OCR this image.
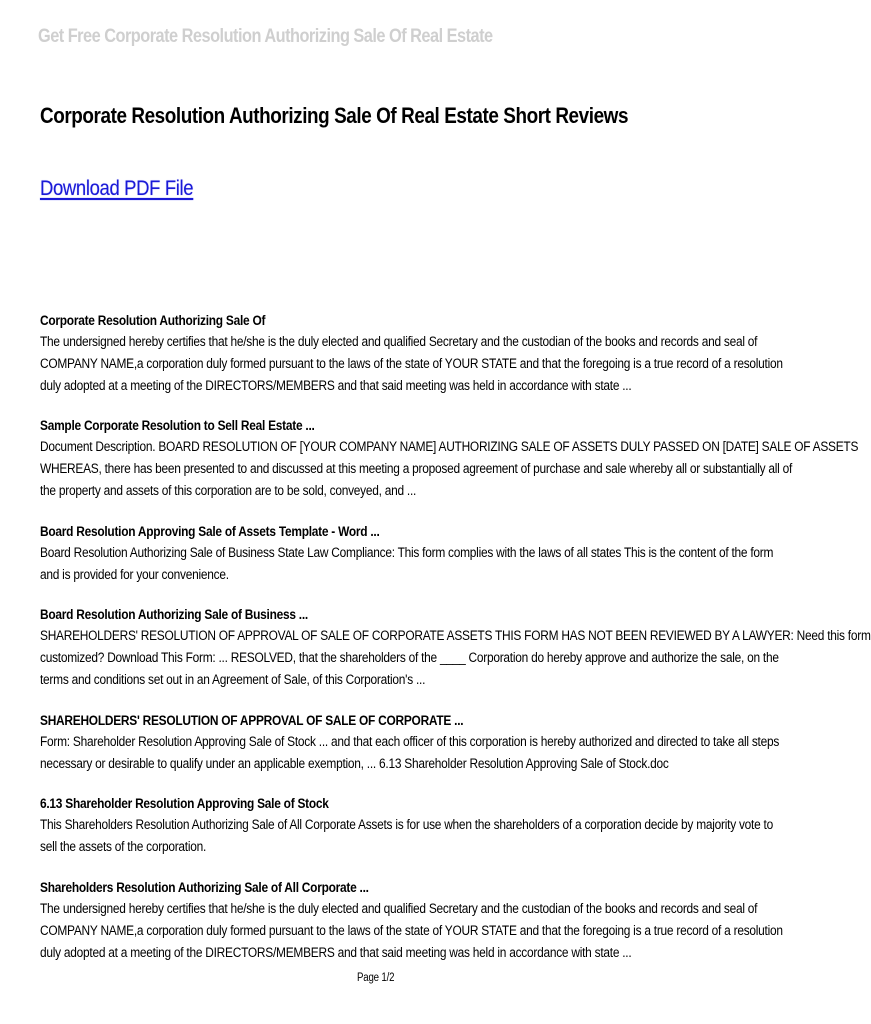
Get Free Corporate Resolution Authorizing Sale Of Real Estate
Corporate Resolution Authorizing Sale Of Real Estate Short Reviews
Download PDF File
Corporate Resolution Authorizing Sale Of
The undersigned hereby certifies that he/she is the duly elected and qualified Secretary and the custodian of the books and records and seal of
COMPANY NAME,a corporation duly formed pursuant to the laws of the state of YOUR STATE and that the foregoing is a true record of a resolution
duly adopted at a meeting of the DIRECTORS/MEMBERS and that said meeting was held in accordance with state ...
Sample Corporate Resolution to Sell Real Estate ...
Document Description. BOARD RESOLUTION OF [YOUR COMPANY NAME] AUTHORIZING SALE OF ASSETS DULY PASSED ON [DATE] SALE OF ASSETS
WHEREAS, there has been presented to and discussed at this meeting a proposed agreement of purchase and sale whereby all or substantially all of
the property and assets of this corporation are to be sold, conveyed, and ...
Board Resolution Approving Sale of Assets Template - Word ...
Board Resolution Authorizing Sale of Business State Law Compliance: This form complies with the laws of all states This is the content of the form
and is provided for your convenience.
Board Resolution Authorizing Sale of Business ...
SHAREHOLDERS' RESOLUTION OF APPROVAL OF SALE OF CORPORATE ASSETS THIS FORM HAS NOT BEEN REVIEWED BY A LAWYER: Need this form
customized? Download This Form: ... RESOLVED, that the shareholders of the ____ Corporation do hereby approve and authorize the sale, on the
terms and conditions set out in an Agreement of Sale, of this Corporation's ...
SHAREHOLDERS' RESOLUTION OF APPROVAL OF SALE OF CORPORATE ...
Form: Shareholder Resolution Approving Sale of Stock ... and that each officer of this corporation is hereby authorized and directed to take all steps
necessary or desirable to qualify under an applicable exemption, ... 6.13 Shareholder Resolution Approving Sale of Stock.doc
6.13 Shareholder Resolution Approving Sale of Stock
This Shareholders Resolution Authorizing Sale of All Corporate Assets is for use when the shareholders of a corporation decide by majority vote to
sell the assets of the corporation.
Shareholders Resolution Authorizing Sale of All Corporate ...
The undersigned hereby certifies that he/she is the duly elected and qualified Secretary and the custodian of the books and records and seal of
COMPANY NAME,a corporation duly formed pursuant to the laws of the state of YOUR STATE and that the foregoing is a true record of a resolution
duly adopted at a meeting of the DIRECTORS/MEMBERS and that said meeting was held in accordance with state ...
Page 1/2
